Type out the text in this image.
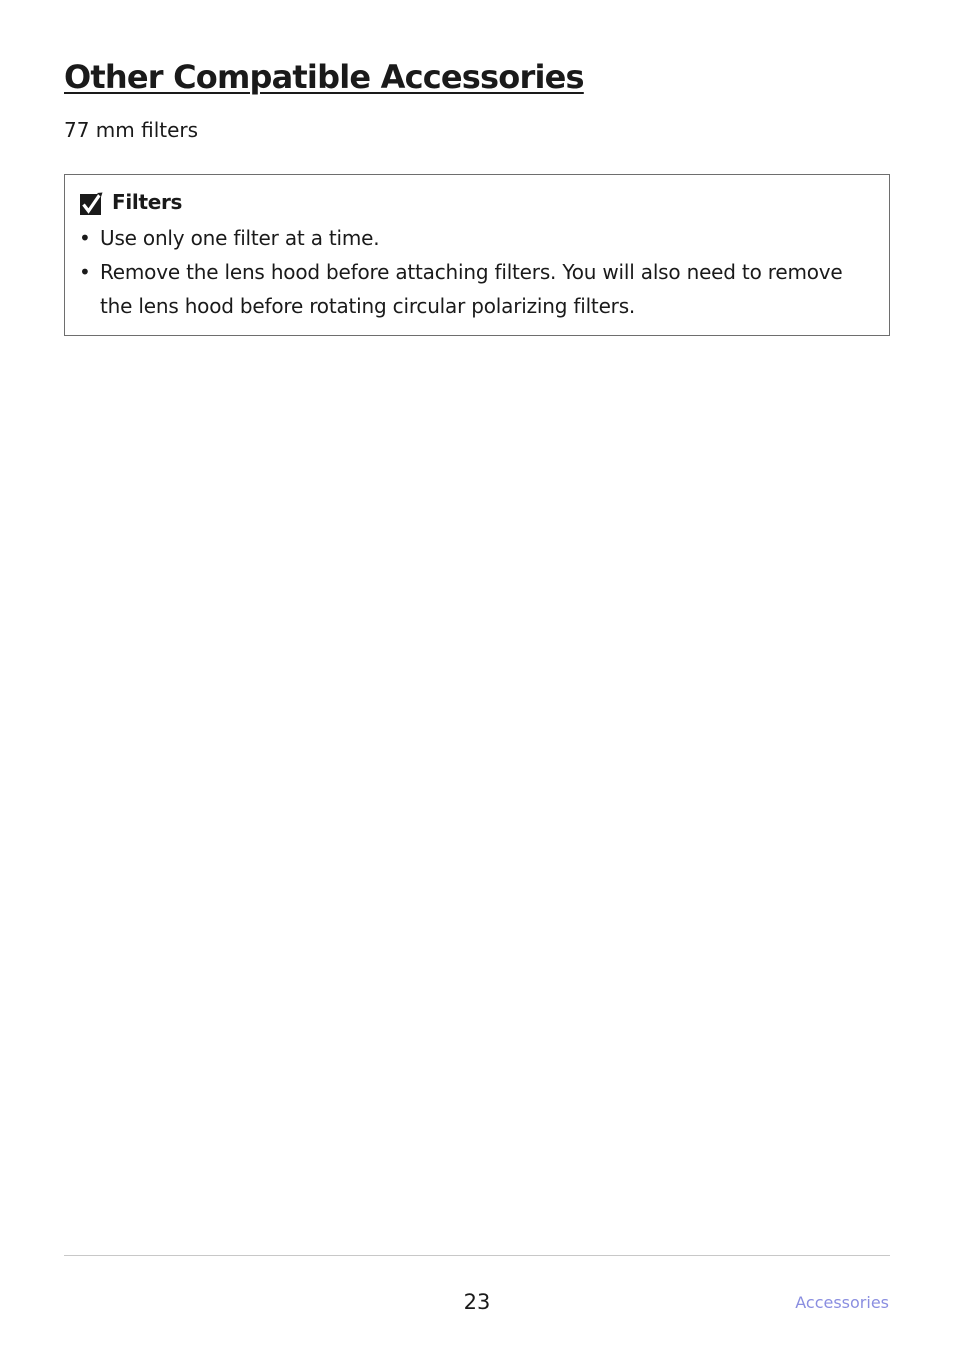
Other Compatible Accessories

77 mm filters

Filters
• Use only one filter at a time.
• Remove the lens hood before attaching filters. You will also need to remove the lens hood before rotating circular polarizing filters.
23	Accessories
